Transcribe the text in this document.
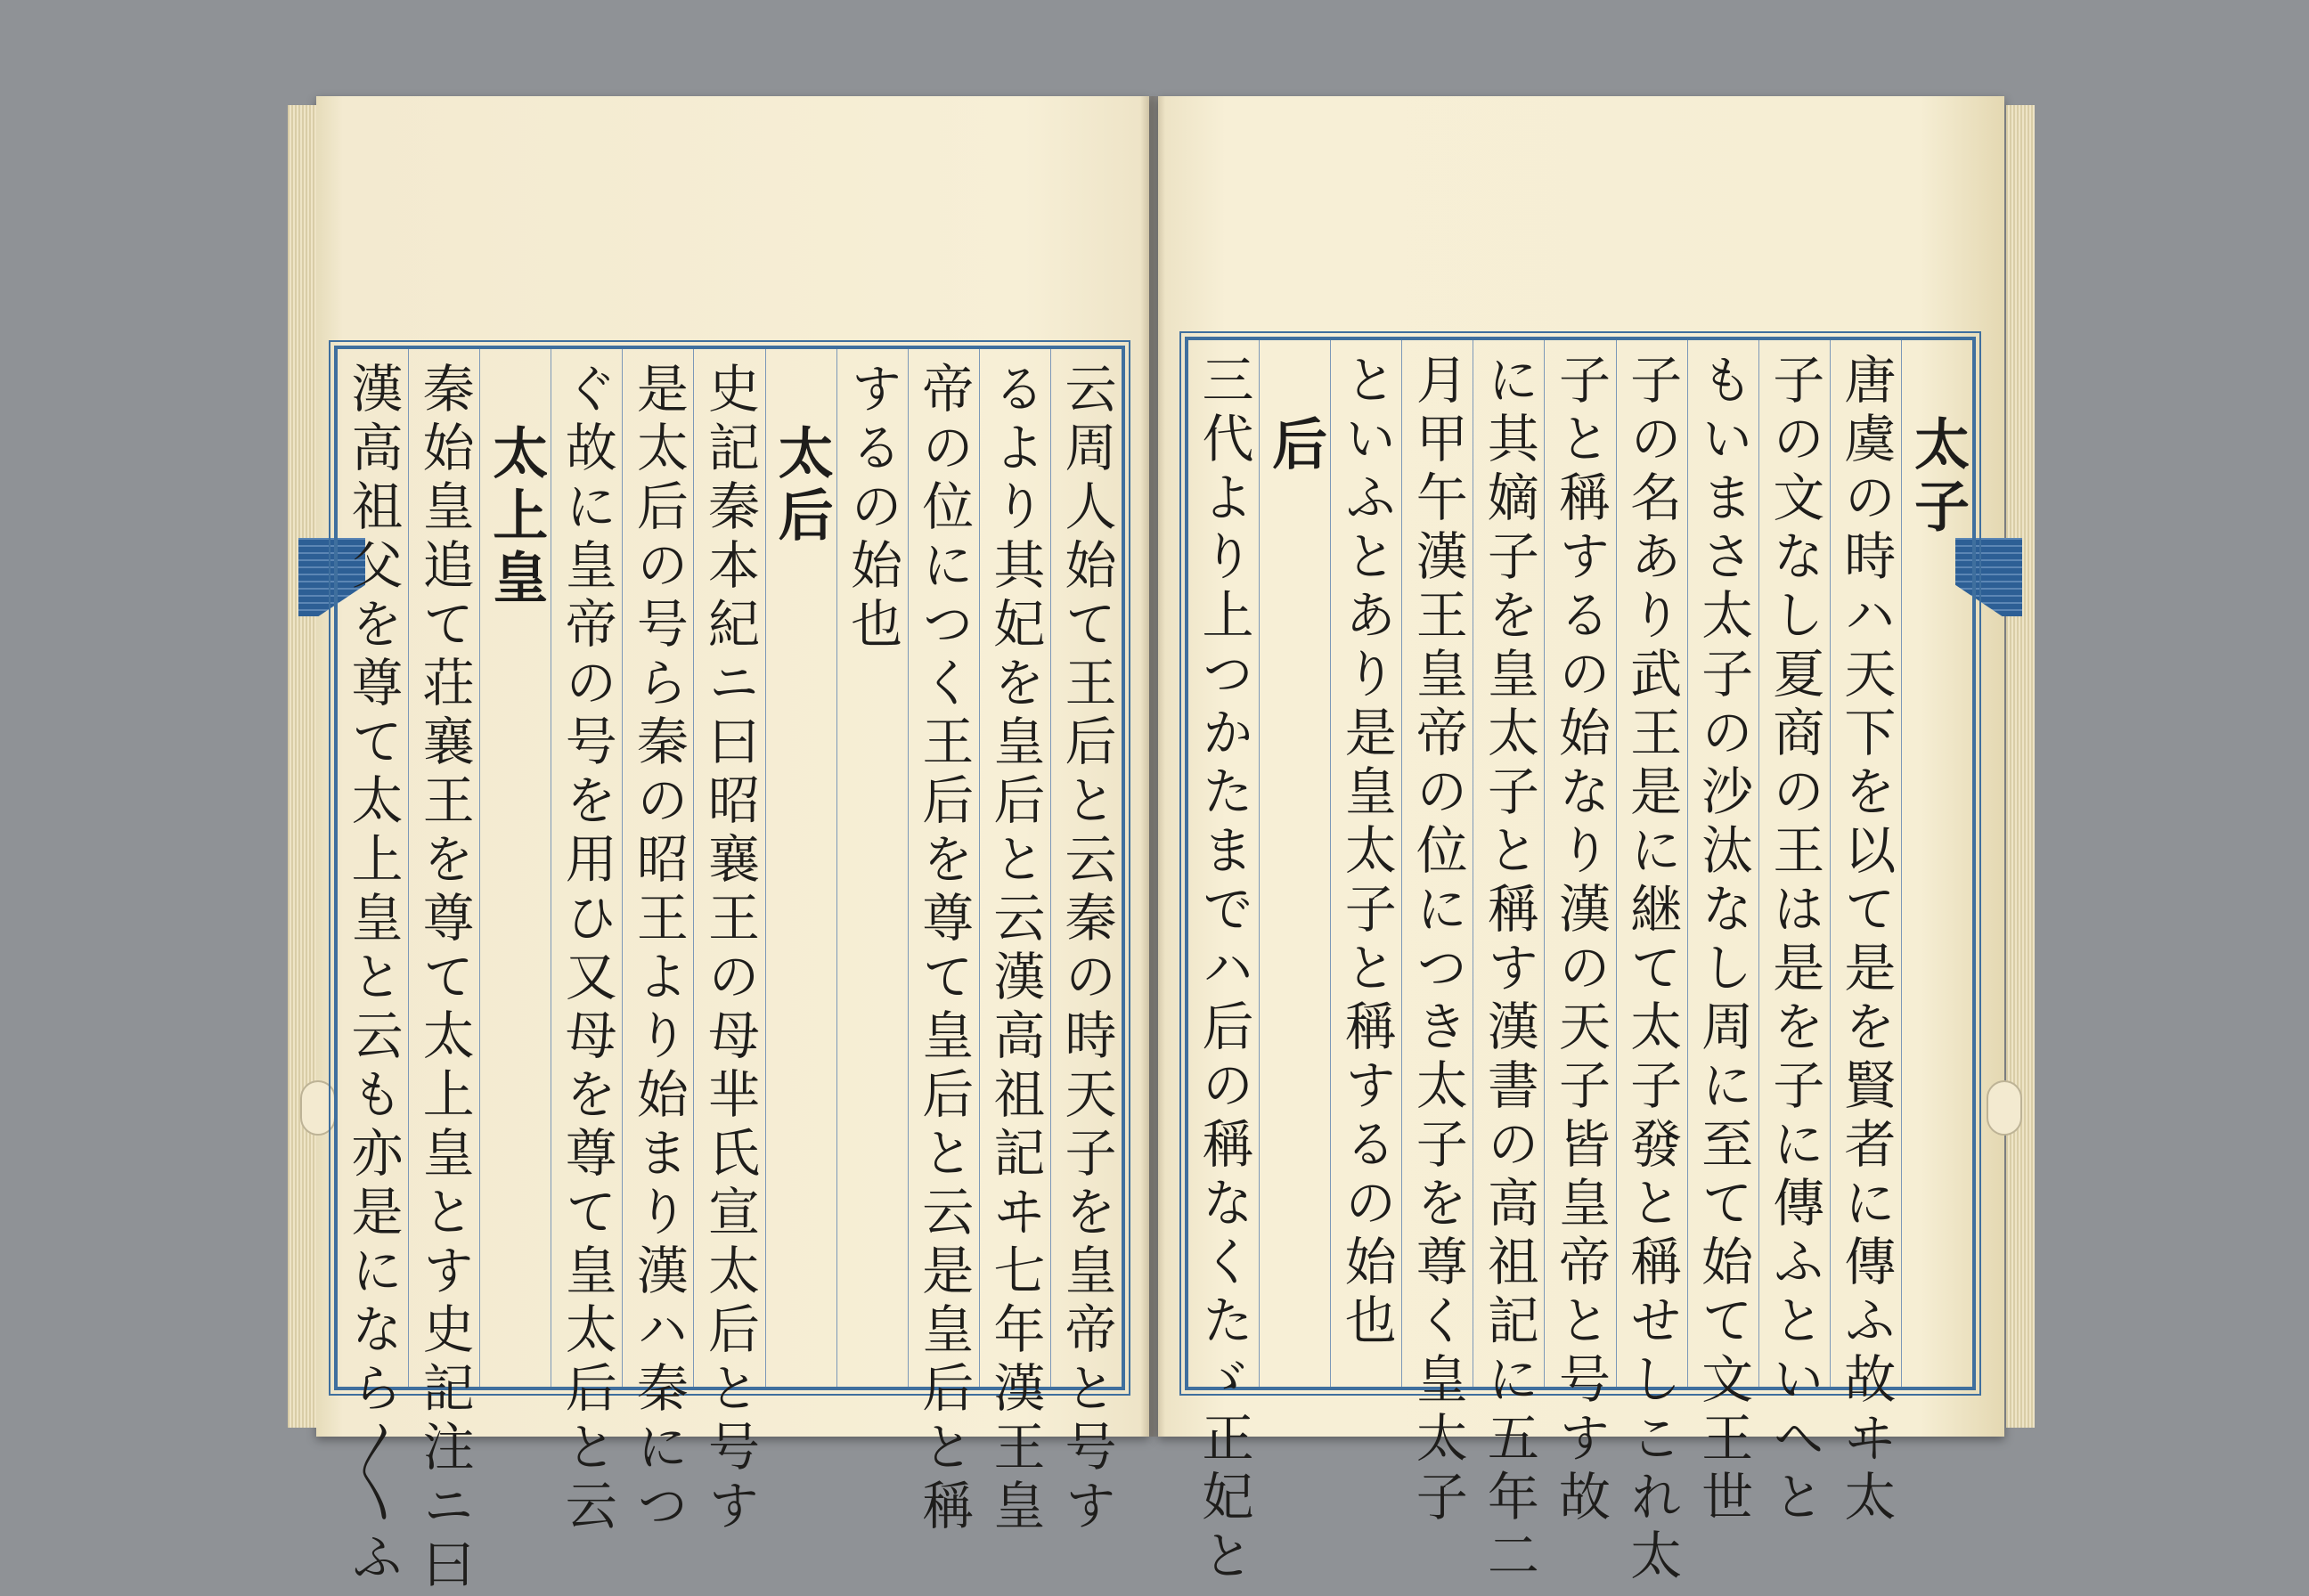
云周人始て王后と云秦の時天子を皇帝と号す
るより其妃を皇后と云漢高祖記ヰ七年漢王皇
帝の位につく王后を尊て皇后と云是皇后と稱
するの始也
太后
史記秦本紀ニ曰昭襄王の母芈氏宣太后と号す
是太后の号ら秦の昭王より始まり漢ハ秦につ
ぐ故に皇帝の号を用ひ又母を尊て皇太后と云
太上皇
秦始皇追て荘襄王を尊て太上皇とす史記注ニ曰
漢高祖父を尊て太上皇と云も亦是になら〳〵ふ	太子
唐虞の時ハ天下を以て是を賢者に傳ふ故ヰ太
子の文なし夏商の王は是を子に傳ふといへと
もいまさ太子の沙汰なし周に至て始て文王世
子の名あり武王是に継て太子發と稱せしこれ太
子と稱するの始なり漢の天子皆皇帝と号す故
に其嫡子を皇太子と稱す漢書の高祖記に五年二
月甲午漢王皇帝の位につき太子を尊く皇太子
といふとあり是皇太子と稱するの始也
后
三代より上つかたまでハ后の稱なくたゞ正妃と
